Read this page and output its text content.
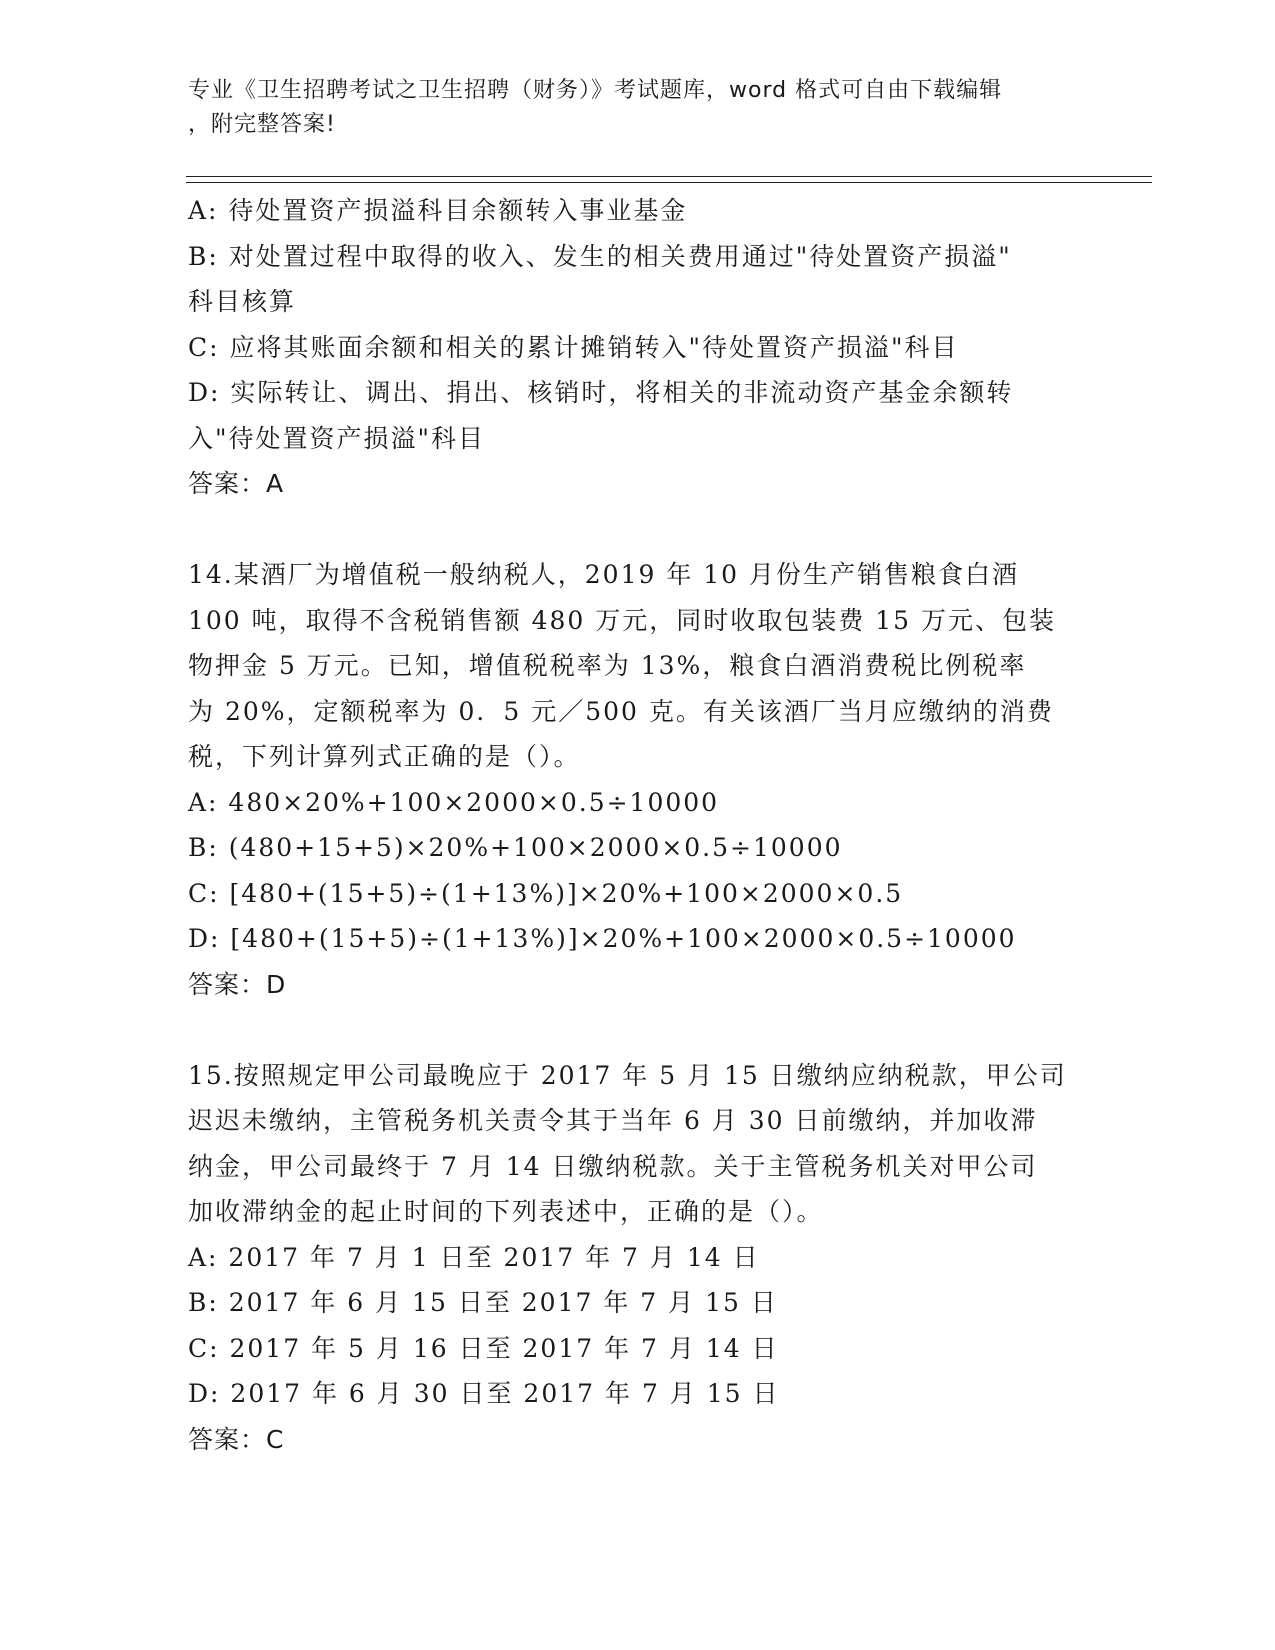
专业《卫生招聘考试之卫生招聘（财务）》考试题库，word 格式可自由下载编辑
，附完整答案!
A: 待处置资产损溢科目余额转入事业基金
B: 对处置过程中取得的收入、发生的相关费用通过"待处置资产损溢"
科目核算
C: 应将其账面余额和相关的累计摊销转入"待处置资产损溢"科目
D: 实际转让、调出、捐出、核销时，将相关的非流动资产基金余额转
入"待处置资产损溢"科目
答案：A
14.某酒厂为增值税一般纳税人，2019 年 10 月份生产销售粮食白酒
100 吨，取得不含税销售额 480 万元，同时收取包装费 15 万元、包装
物押金 5 万元。已知，增值税税率为 13%，粮食白酒消费税比例税率
为 20%，定额税率为 0．5 元／500 克。有关该酒厂当月应缴纳的消费
税，下列计算列式正确的是（）。
A: 480×20%+100×2000×0.5÷10000
B: (480+15+5)×20%+100×2000×0.5÷10000
C: [480+(15+5)÷(1+13%)]×20%+100×2000×0.5
D: [480+(15+5)÷(1+13%)]×20%+100×2000×0.5÷10000
答案：D
15.按照规定甲公司最晚应于 2017 年 5 月 15 日缴纳应纳税款，甲公司
迟迟未缴纳，主管税务机关责令其于当年 6 月 30 日前缴纳，并加收滞
纳金，甲公司最终于 7 月 14 日缴纳税款。关于主管税务机关对甲公司
加收滞纳金的起止时间的下列表述中，正确的是（）。
A: 2017 年 7 月 1 日至 2017 年 7 月 14 日
B: 2017 年 6 月 15 日至 2017 年 7 月 15 日
C: 2017 年 5 月 16 日至 2017 年 7 月 14 日
D: 2017 年 6 月 30 日至 2017 年 7 月 15 日
答案：C
